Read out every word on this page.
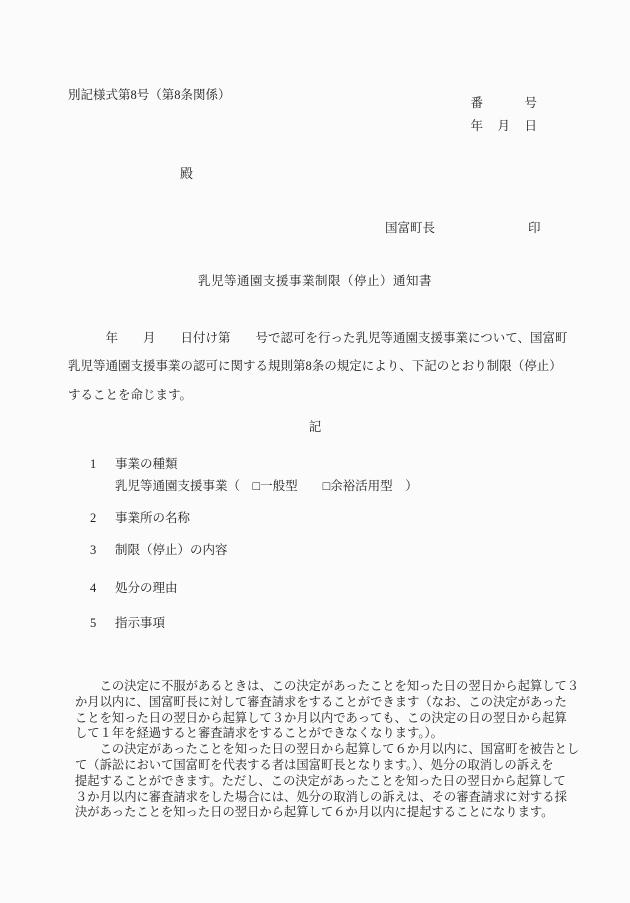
別記様式第8号（第8条関係）
番　　　号
年　月　日
殿
国富町長	印
乳児等通園支援事業制限（停止）通知書
　　　年　　月　　日付け第　　号で認可を行った乳児等通園支援事業について、国富町
乳児等通園支援事業の認可に関する規則第8条の規定により、下記のとおり制限（停止）
することを命じます。
記
1 事業の種類
乳児等通園支援事業（　□一般型　　 □余裕活用型　）
2 事業所の名称
3 制限（停止）の内容
4 処分の理由
5 指示事項
　　この決定に不服があるときは、この決定があったことを知った日の翌日から起算して３
か月以内に、国富町長に対して審査請求をすることができます（なお、この決定があった
ことを知った日の翌日から起算して３か月以内であっても、この決定の日の翌日から起算
して１年を経過すると審査請求をすることができなくなります。）。
　　この決定があったことを知った日の翌日から起算して６か月以内に、国富町を被告とし
て（訴訟において国富町を代表する者は国富町長となります。）、処分の取消しの訴えを
提起することができます。ただし、この決定があったことを知った日の翌日から起算して
３か月以内に審査請求をした場合には、処分の取消しの訴えは、その審査請求に対する採
決があったことを知った日の翌日から起算して６か月以内に提起することになります。
